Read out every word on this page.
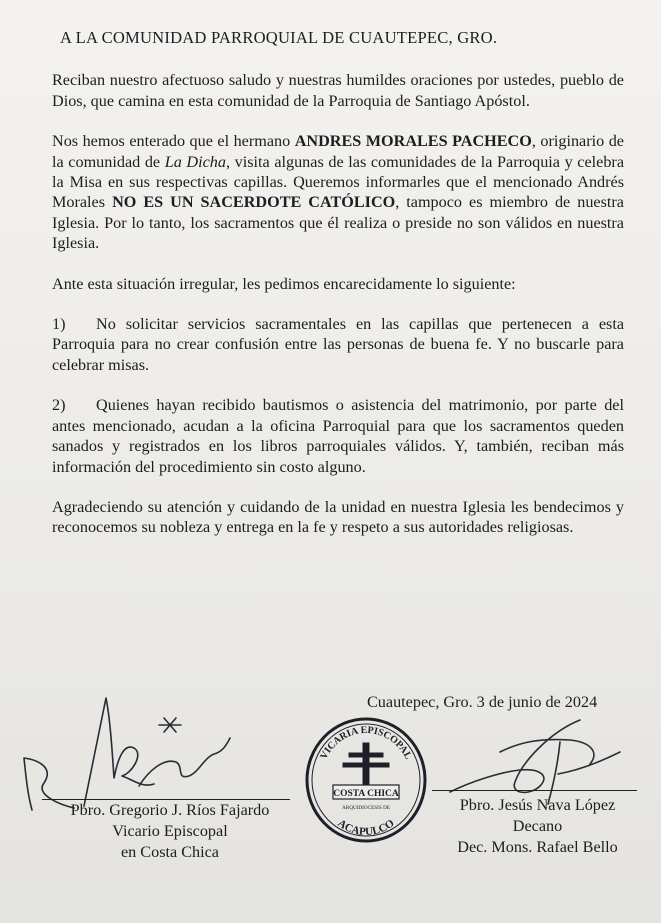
A LA COMUNIDAD PARROQUIAL DE CUAUTEPEC, GRO.

Reciban nuestro afectuoso saludo y nuestras humildes oraciones por ustedes, pueblo de Dios, que camina en esta comunidad de la Parroquia de Santiago Apóstol.

Nos hemos enterado que el hermano ANDRES MORALES PACHECO, originario de la comunidad de La Dicha, visita algunas de las comunidades de la Parroquia y celebra la Misa en sus respectivas capillas. Queremos informarles que el mencionado Andrés Morales NO ES UN SACERDOTE CATÓLICO, tampoco es miembro de nuestra Iglesia. Por lo tanto, los sacramentos que él realiza o preside no son válidos en nuestra Iglesia.

Ante esta situación irregular, les pedimos encarecidamente lo siguiente:

1) No solicitar servicios sacramentales en las capillas que pertenecen a esta Parroquia para no crear confusión entre las personas de buena fe. Y no buscarle para celebrar misas.

2) Quienes hayan recibido bautismos o asistencia del matrimonio, por parte del antes mencionado, acudan a la oficina Parroquial para que los sacramentos queden sanados y registrados en los libros parroquiales válidos. Y, también, reciban más información del procedimiento sin costo alguno.

Agradeciendo su atención y cuidando de la unidad en nuestra Iglesia les bendecimos y reconocemos su nobleza y entrega en la fe y respeto a sus autoridades religiosas.

Cuautepec, Gro. 3 de junio de 2024
Pbro. Gregorio J. Ríos Fajardo
Vicario Episcopal
en Costa Chica
VICARIA EPISCOPAL
ACAPULCO
COSTA CHICA
ARQUIDIOCESIS DE	Pbro. Jesús Nava López
Decano
Dec. Mons. Rafael Bello
